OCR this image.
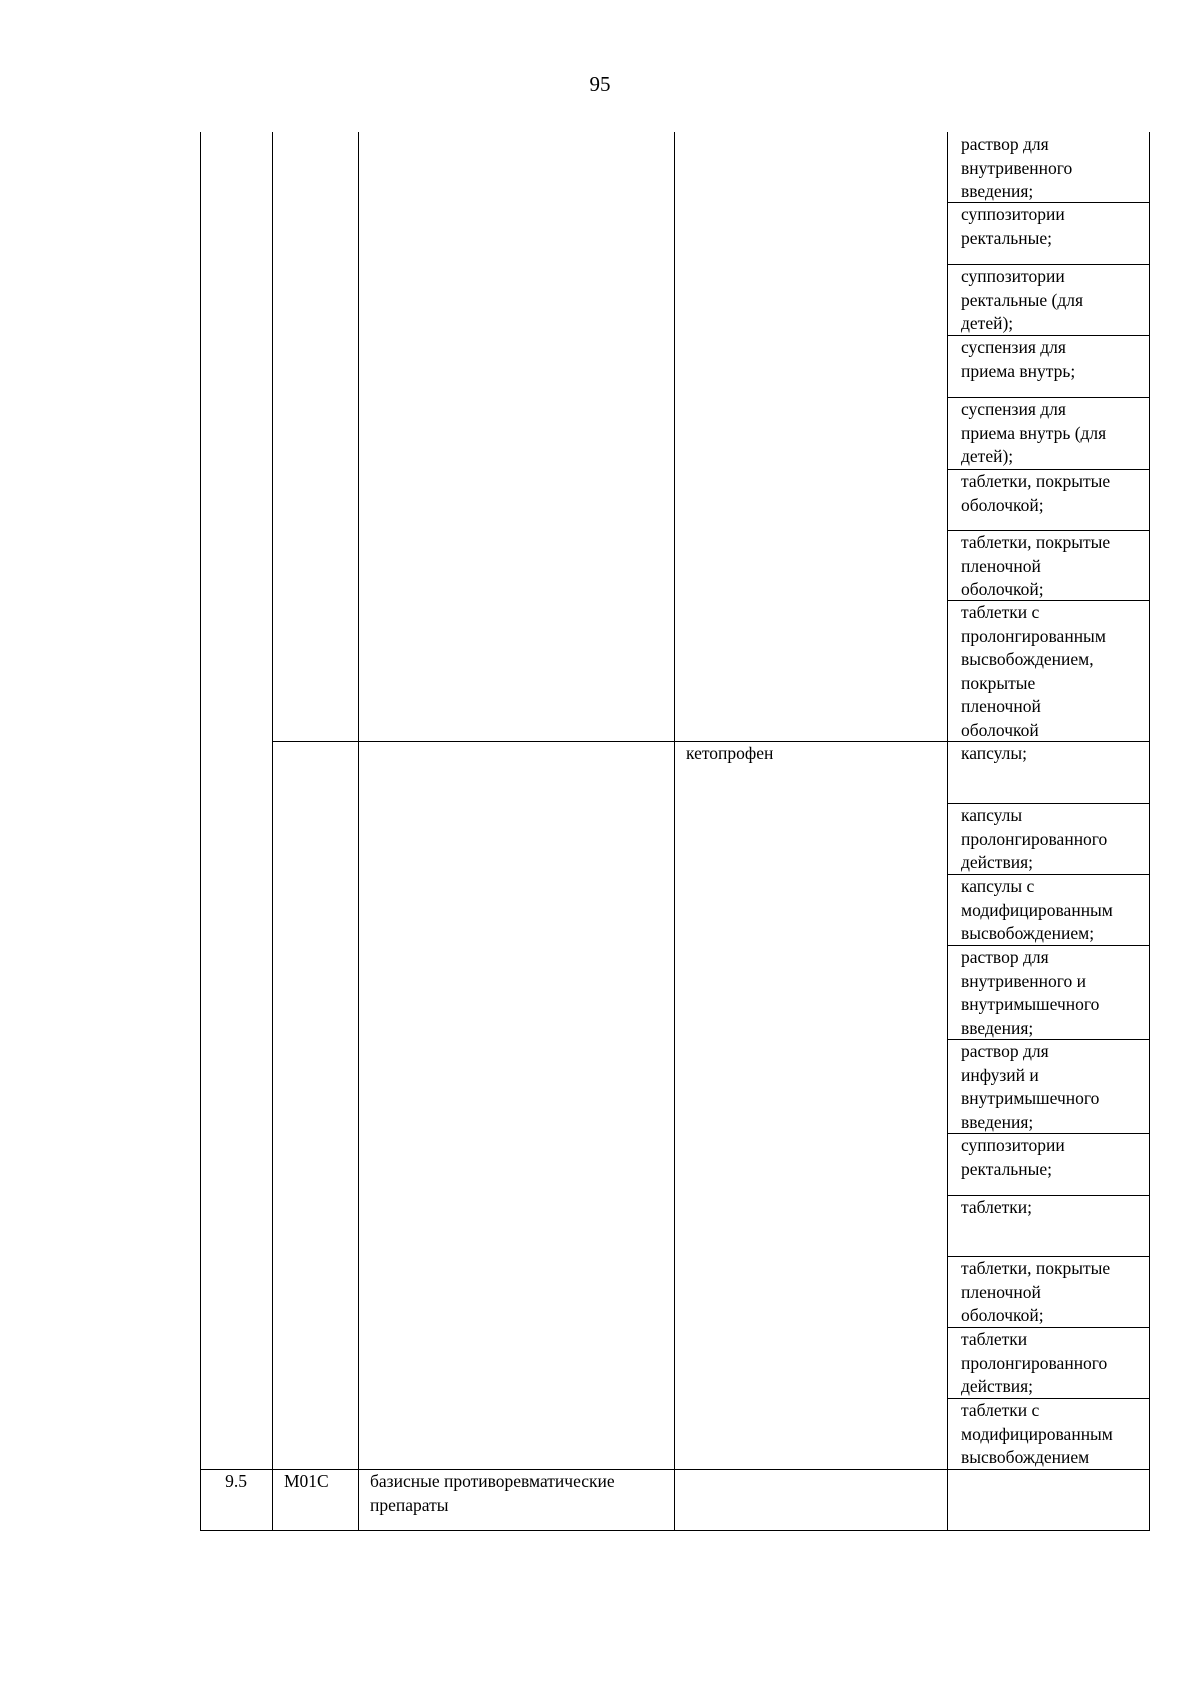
95
раствор для
внутривенного
введения;
суппозитории
ректальные;
суппозитории
ректальные (для
детей);
суспензия для
приема внутрь;
суспензия для
приема внутрь (для
детей);
таблетки, покрытые
оболочкой;
таблетки, покрытые
пленочной
оболочкой;
таблетки с
пролонгированным
высвобождением,
покрытые
пленочной
оболочкой
кетопрофен	капсулы;
капсулы
пролонгированного
действия;
капсулы с
модифицированным
высвобождением;
раствор для
внутривенного и
внутримышечного
введения;
раствор для
инфузий и
внутримышечного
введения;
суппозитории
ректальные;
таблетки;
таблетки, покрытые
пленочной
оболочкой;
таблетки
пролонгированного
действия;
таблетки с
модифицированным
высвобождением
9.5	M01C	базисные противоревматические
препараты
